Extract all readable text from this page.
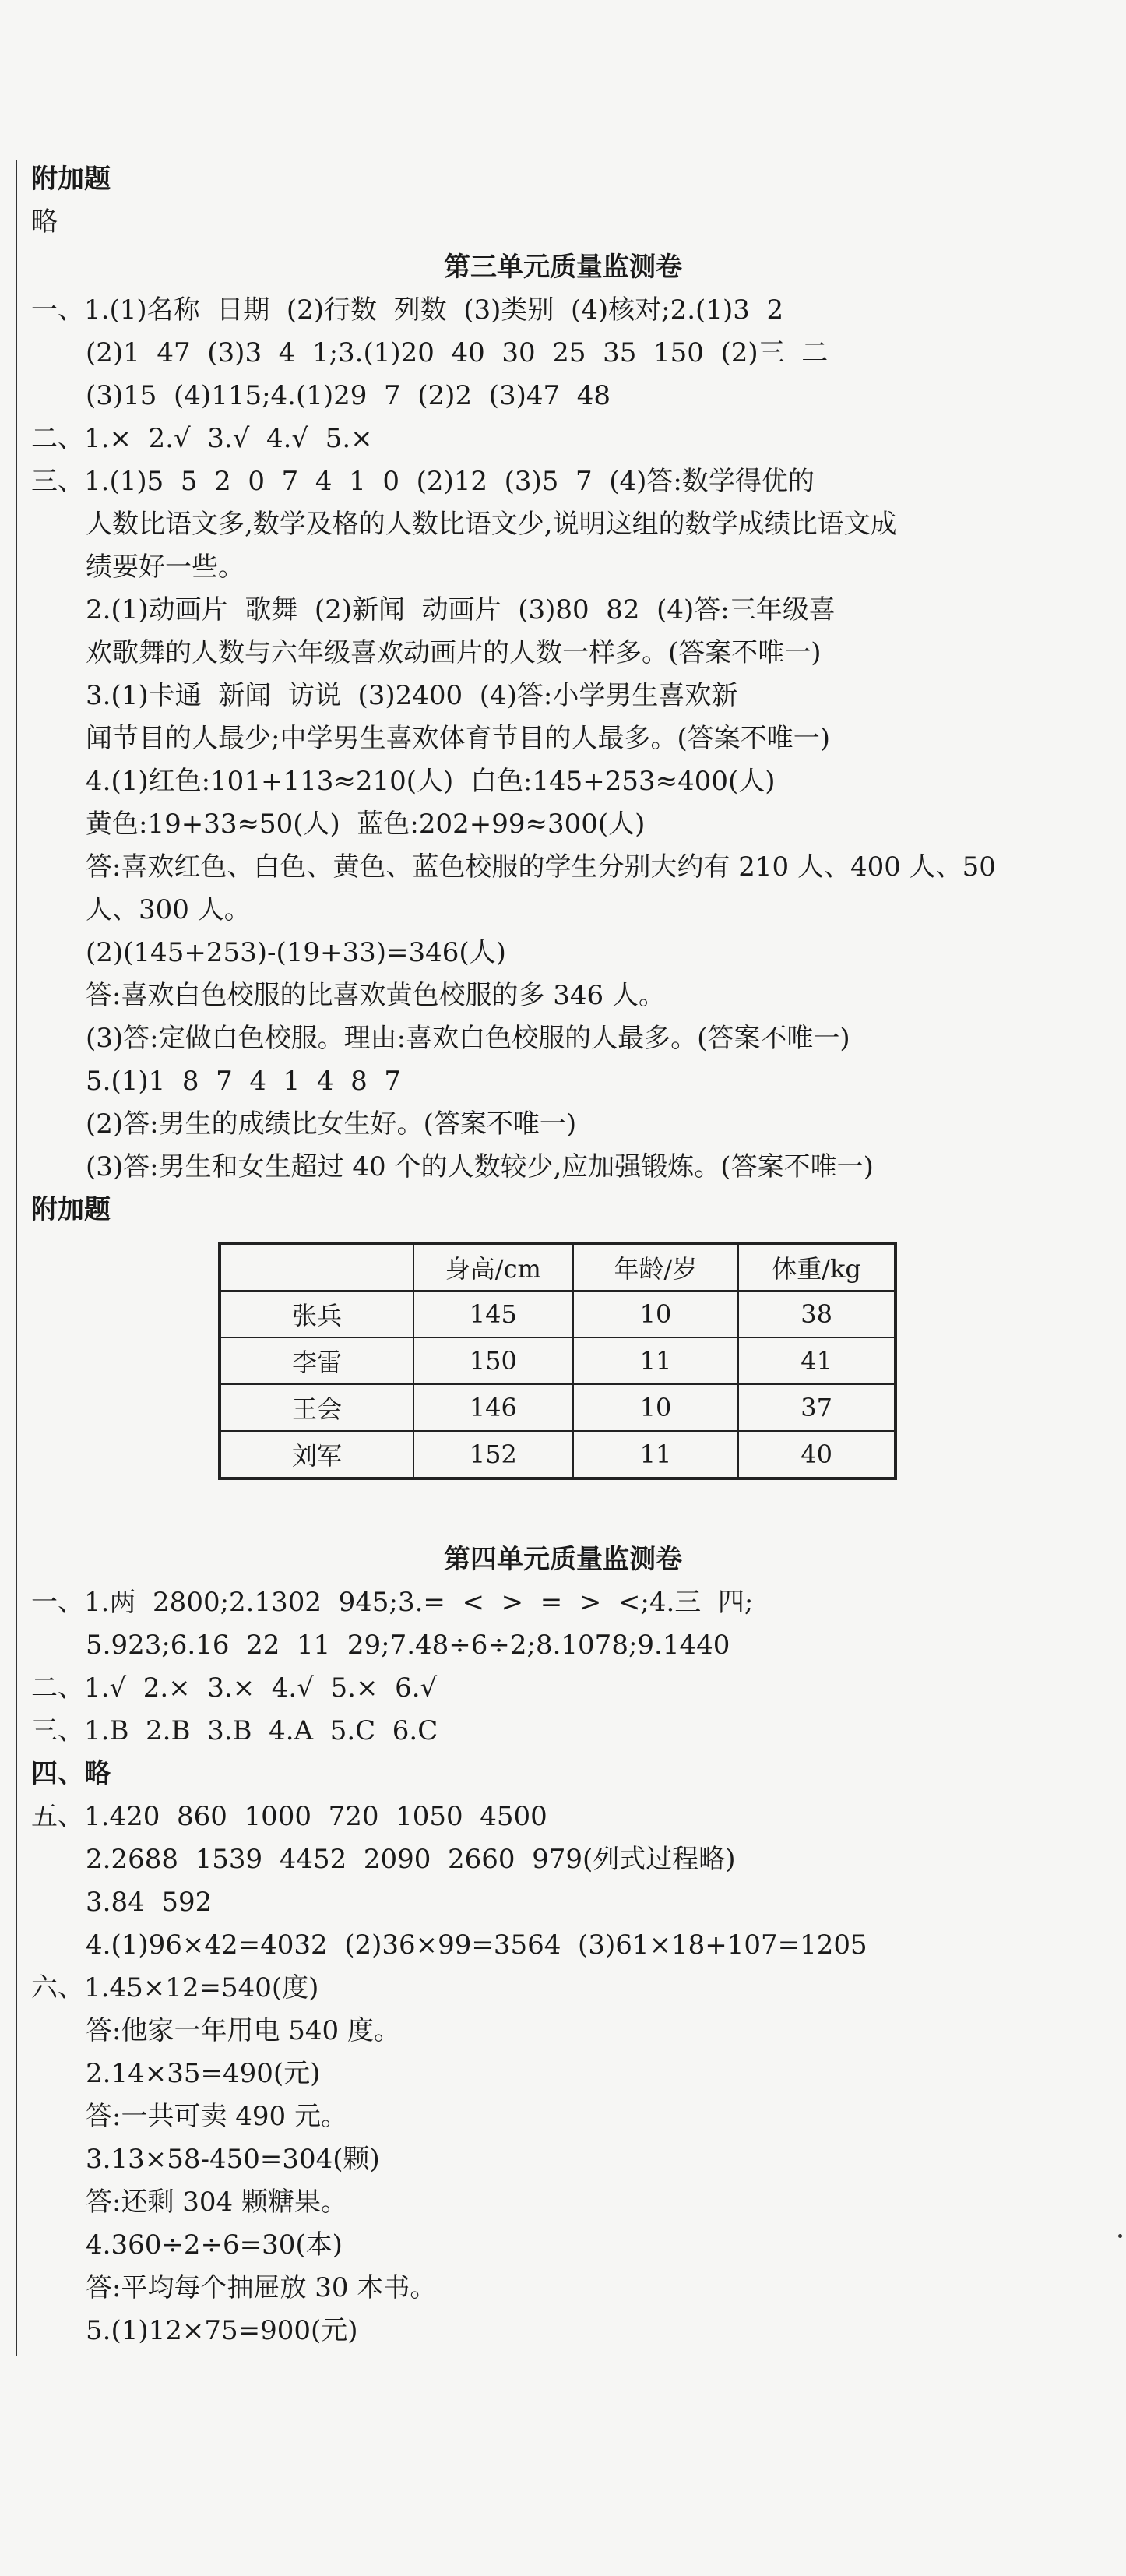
附加题
略
第三单元质量监测卷
一、1.(1)名称  日期  (2)行数  列数  (3)类别  (4)核对;2.(1)3  2
(2)1  47  (3)3  4  1;3.(1)20  40  30  25  35  150  (2)三  二
(3)15  (4)115;4.(1)29  7  (2)2  (3)47  48
二、1.×  2.√  3.√  4.√  5.×
三、1.(1)5  5  2  0  7  4  1  0  (2)12  (3)5  7  (4)答:数学得优的
人数比语文多,数学及格的人数比语文少,说明这组的数学成绩比语文成
绩要好一些。
2.(1)动画片  歌舞  (2)新闻  动画片  (3)80  82  (4)答:三年级喜
欢歌舞的人数与六年级喜欢动画片的人数一样多。(答案不唯一)
3.(1)卡通  新闻  访说  (3)2400  (4)答:小学男生喜欢新
闻节目的人最少;中学男生喜欢体育节目的人最多。(答案不唯一)
4.(1)红色:101+113≈210(人)  白色:145+253≈400(人)
黄色:19+33≈50(人)  蓝色:202+99≈300(人)
答:喜欢红色、白色、黄色、蓝色校服的学生分别大约有 210 人、400 人、50
人、300 人。
(2)(145+253)-(19+33)=346(人)
答:喜欢白色校服的比喜欢黄色校服的多 346 人。
(3)答:定做白色校服。理由:喜欢白色校服的人最多。(答案不唯一)
5.(1)1  8  7  4  1  4  8  7
(2)答:男生的成绩比女生好。(答案不唯一)
(3)答:男生和女生超过 40 个的人数较少,应加强锻炼。(答案不唯一)
附加题
	身高/cm	年龄/岁	体重/kg
张兵	145	10	38
李雷	150	11	41
王会	146	10	37
刘军	152	11	40
第四单元质量监测卷
一、1.两  2800;2.1302  945;3.=  <  >  =  >  <;4.三  四;
5.923;6.16  22  11  29;7.48÷6÷2;8.1078;9.1440
二、1.√  2.×  3.×  4.√  5.×  6.√
三、1.B  2.B  3.B  4.A  5.C  6.C
四、略
五、1.420  860  1000  720  1050  4500
2.2688  1539  4452  2090  2660  979(列式过程略)
3.84  592
4.(1)96×42=4032  (2)36×99=3564  (3)61×18+107=1205
六、1.45×12=540(度)
答:他家一年用电 540 度。
2.14×35=490(元)
答:一共可卖 490 元。
3.13×58-450=304(颗)
答:还剩 304 颗糖果。
4.360÷2÷6=30(本)
答:平均每个抽屉放 30 本书。
5.(1)12×75=900(元)
